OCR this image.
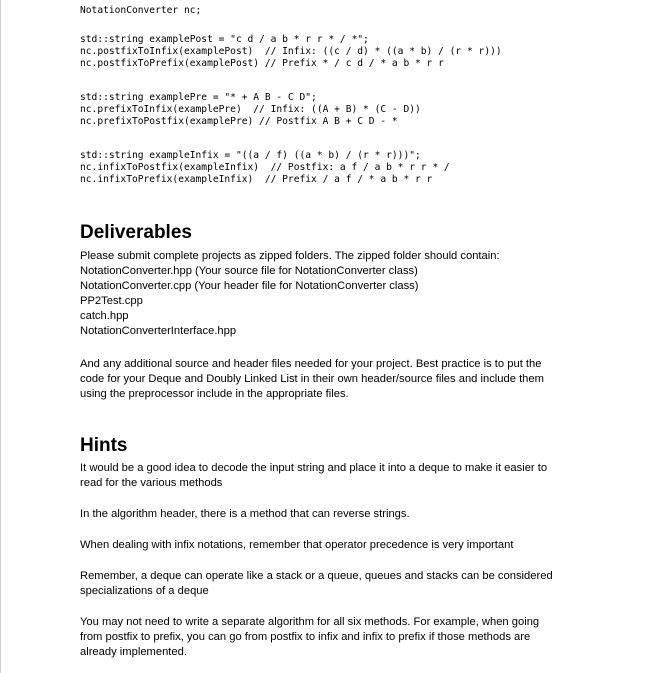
NotationConverter nc;
std::string examplePost = "c d / a b * r r * / *";
nc.postfixToInfix(examplePost)  // Infix: ((c / d) * ((a * b) / (r * r)))
nc.postfixToPrefix(examplePost) // Prefix * / c d / * a b * r r
std::string examplePre = "* + A B - C D";
nc.prefixToInfix(examplePre)  // Infix: ((A + B) * (C - D))
nc.prefixToPostfix(examplePre) // Postfix A B + C D - *
std::string exampleInfix = "((a / f) ((a * b) / (r * r)))";
nc.infixToPostfix(exampleInfix)  // Postfix: a f / a b * r r * /
nc.infixToPrefix(exampleInfix)  // Prefix / a f / * a b * r r
Deliverables

Please submit complete projects as zipped folders. The zipped folder should contain:
NotationConverter.hpp (Your source file for NotationConverter class)
NotationConverter.cpp (Your header file for NotationConverter class)
PP2Test.cpp
catch.hpp
NotationConverterInterface.hpp

And any additional source and header files needed for your project. Best practice is to put the
code for your Deque and Doubly Linked List in their own header/source files and include them
using the preprocessor include in the appropriate files.

Hints

It would be a good idea to decode the input string and place it into a deque to make it easier to
read for the various methods

In the algorithm header, there is a method that can reverse strings.

When dealing with infix notations, remember that operator precedence is very important

Remember, a deque can operate like a stack or a queue, queues and stacks can be considered
specializations of a deque

You may not need to write a separate algorithm for all six methods. For example, when going
from postfix to prefix, you can go from postfix to infix and infix to prefix if those methods are
already implemented.
